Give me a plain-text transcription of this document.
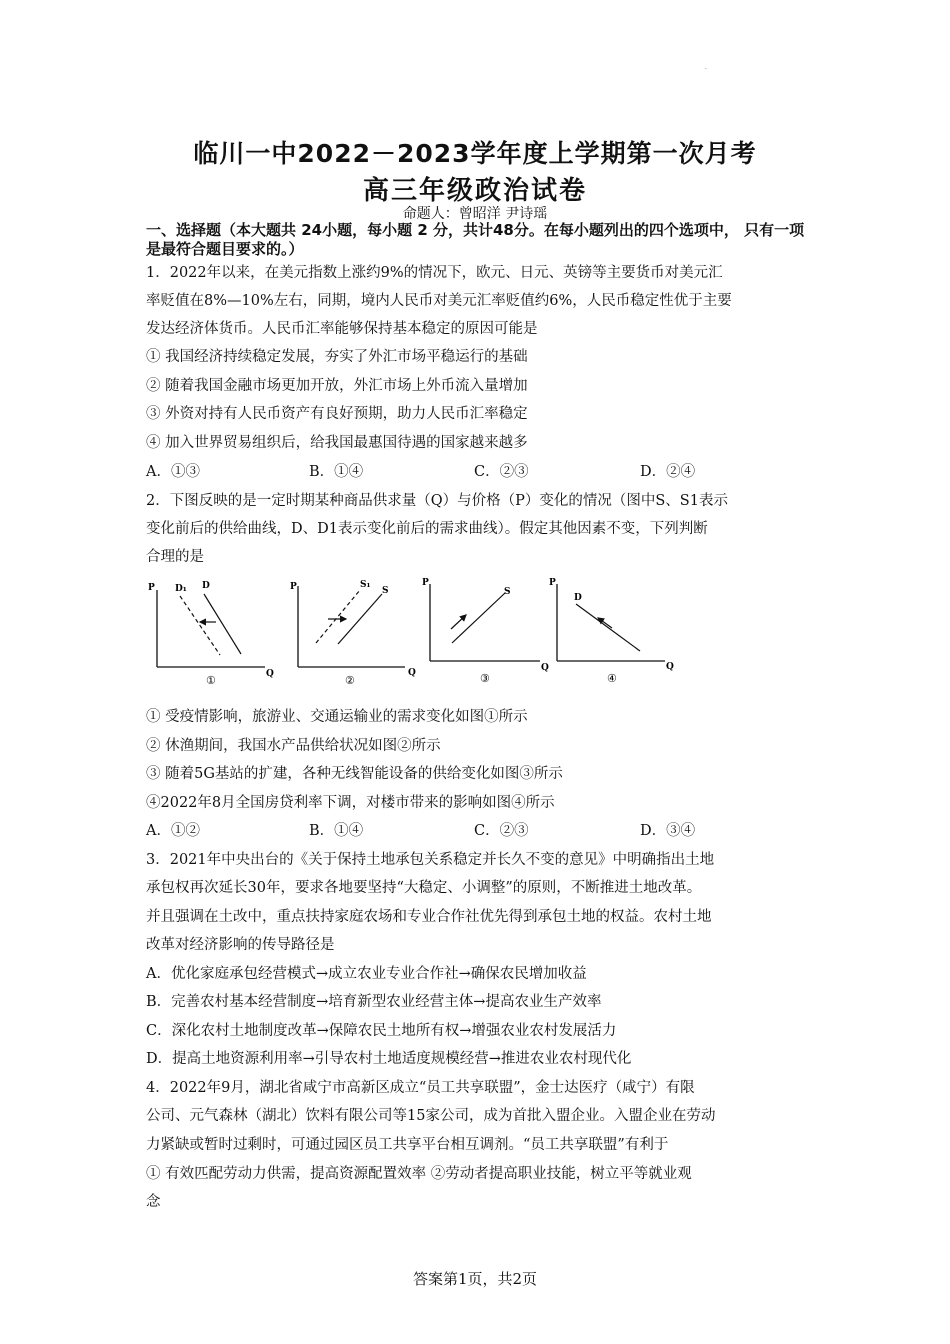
·
临川一中2022－2023学年度上学期第一次月考
高三年级政治试卷
命题人：曾昭洋 尹诗瑶
一、选择题（本大题共 24小题，每小题 2 分，共计48分。在每小题列出的四个选项中， 只有一项是最符合题目要求的。）
1．2022年以来，在美元指数上涨约9%的情况下，欧元、日元、英镑等主要货币对美元汇
率贬值在8%—10%左右，同期，境内人民币对美元汇率贬值约6%，人民币稳定性优于主要
发达经济体货币。人民币汇率能够保持基本稳定的原因可能是
① 我国经济持续稳定发展，夯实了外汇市场平稳运行的基础
② 随着我国金融市场更加开放，外汇市场上外币流入量增加
③ 外资对持有人民币资产有良好预期，助力人民币汇率稳定
④ 加入世界贸易组织后，给我国最惠国待遇的国家越来越多
A．①③	B．①④	C．②③	D．②④
2．下图反映的是一定时期某种商品供求量（Q）与价格（P）变化的情况（图中S、S1表示
变化前后的供给曲线，D、D1表示变化前后的需求曲线）。假定其他因素不变，下列判断
合理的是
P
Q
D₁ D
①
P
Q
S₁
S
②
P
Q
S
③
P
Q
D
④
① 受疫情影响，旅游业、交通运输业的需求变化如图①所示
② 休渔期间，我国水产品供给状况如图②所示
③ 随着5G基站的扩建，各种无线智能设备的供给变化如图③所示
④2022年8月全国房贷利率下调，对楼市带来的影响如图④所示
A．①②	B．①④	C．②③	D．③④
3．2021年中央出台的《关于保持土地承包关系稳定并长久不变的意见》中明确指出土地
承包权再次延长30年，要求各地要坚持“大稳定、小调整”的原则，不断推进土地改革。
并且强调在土改中，重点扶持家庭农场和专业合作社优先得到承包土地的权益。农村土地
改革对经济影响的传导路径是
A．优化家庭承包经营模式→成立农业专业合作社→确保农民增加收益
B．完善农村基本经营制度→培育新型农业经营主体→提高农业生产效率
C．深化农村土地制度改革→保障农民土地所有权→增强农业农村发展活力
D．提高土地资源利用率→引导农村土地适度规模经营→推进农业农村现代化
4．2022年9月，湖北省咸宁市高新区成立“员工共享联盟”，金士达医疗（咸宁）有限
公司、元气森林（湖北）饮料有限公司等15家公司，成为首批入盟企业。入盟企业在劳动
力紧缺或暂时过剩时，可通过园区员工共享平台相互调剂。“员工共享联盟”有利于
① 有效匹配劳动力供需，提高资源配置效率 ②劳动者提高职业技能，树立平等就业观
念
答案第1页，共2页
